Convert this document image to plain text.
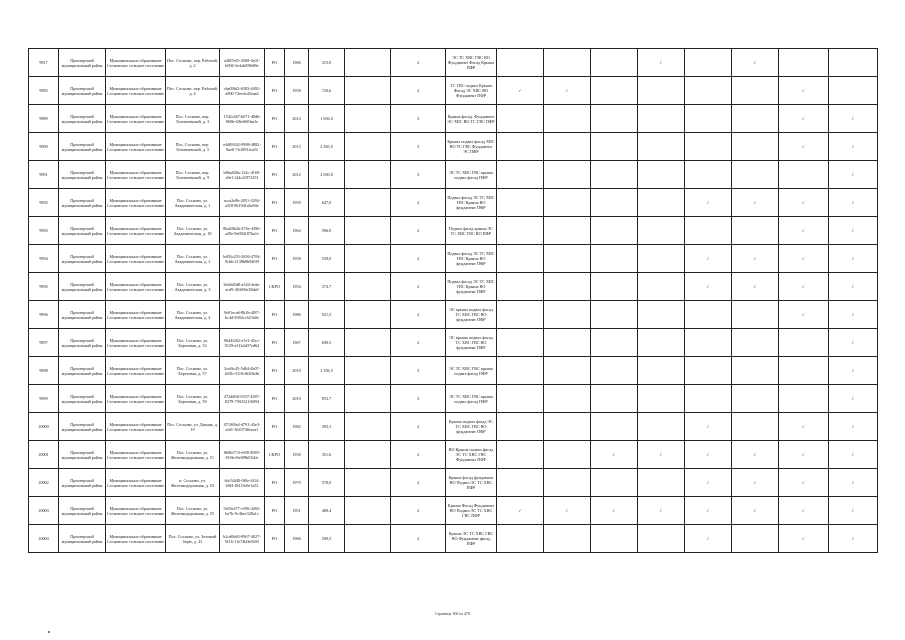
9917	Приозерский муниципальный район	Муниципальное образование Сосновское сельское поселение	Пос. Сосново, пер. Рабочий, д. 2	a4f87e65-4368-4c01-b004-3e4a6f98b89e	РО	1966	315,0		2	ЭС ТС ХВС ГВС ВО Фундамент Фасад Крыша ПФР				✓		✓		
9983	Приозерский муниципальный район	Муниципальное образование Сосновское сельское поселение	Пос. Сосново, пер. Рабочий, д. 4	cba09bf2-6383-4492-a900-72ee4cd3eaa4	РО	1958	720,6		2	ТС ГВС подвал Крыша Фасад ЭС ХВС ВО Фундамент ПФР	✓	✓					✓	
9989	Приозерский муниципальный район	Муниципальное образование Сосновское сельское поселение	Пос. Сосново, пер. Толмачевский, д. 3	17d2c467-b071-48db-860b-f26e60f0aa3c	РО	2014	1 656,0		3	Крыша фасад. Фундамент ЭС ХВС ВО ТС ГВС ПФР							✓	✓
9990	Приозерский муниципальный район	Муниципальное образование Сосновское сельское поселение	Пос. Сосново, пер. Толмачевский, д. 5	e4d09442-0998-4882-8ae6-7fc0f914ca5f	РО	2013	2 565,0		3	Крыша подвал фасад ХВС ВО ТС ГВС Фундамент ЭС ПФР							✓	✓
9991	Приозерский муниципальный район	Муниципальное образование Сосновское сельское поселение	Пос. Сосново, пер. Толмачевский, д. 9	b8ba828a-124c-4169-a9e1-f44c2f972253	РО	2012	2 650,0		3	ЭС ТС ХВС ГВС крыша подвал фасад ПФР								✓
9992	Приозерский муниципальный район	Муниципальное образование Сосновское сельское поселение	Пос. Сосново, ул. Академическая, д. 1	acca2e9b-2051-4294-a5f8-0619d1a6a94e	РО	1959	647,0		2	Подвал фасад ЭС ТС ХВС ГВС Крыша ВО фундамент ПФР					✓	✓	✓	✓
9993	Приозерский муниципальный район	Муниципальное образование Сосновское сельское поселение	Пос. Сосново, ул. Академическая, д. 18	8bd28b2b-476e-4396-a29e-9e084187ba1e	РО	1964	596,0		2	Подвал фасад крыша ЭС ТС ХВС ГВС ВО ПФР							✓	✓
9994	Приозерский муниципальный район	Муниципальное образование Сосновское сельское поселение	Пос. Сосново, ул. Академическая, д. 2	bd93c253-2656-4704-9cbb-2138b8b940f9	РО	1958	539,0		2	Подвал фасад ЭС ТС ХВС ГВС Крыша ВО фундамент ПФР					✓	✓	✓	✓
9995	Приозерский муниципальный район	Муниципальное образование Сосновское сельское поселение	Пос. Сосново, ул. Академическая, д. 3	6e64d5d8-a544-4eda-acd9-463f60e38da0	СКРО	1954	374,7		2	Подвал фасад ЭС ТС ХВС ГВС Крыша ВО фундамент ПФР					✓	✓	✓	✓
9996	Приозерский муниципальный район	Муниципальное образование Сосновское сельское поселение	Пос. Сосново, ул. Академическая, д. 4	9e01eca6-8b2b-4f87-bc4d-8302cc621b0e	РО	1986	921,5		2	ЭС крыша подвал фасад ТС ХВС ГВС ВО фундамент ПФР							✓	✓
9997	Приозерский муниципальный район	Муниципальное образование Сосновское сельское поселение	Пос. Сосново, ул. Береговая, д. 33	9644f262-a7e3-45cc-9129-a31b2d37ed62	РО	1967	690,5		2	ЭС крыша подвал фасад ТС ХВС ГВС ВО фундамент ПФР								✓
9998	Приозерский муниципальный район	Муниципальное образование Сосновское сельское поселение	Пос. Сосново, ул. Береговая, д. 37	3ca9fc45-5d64-4b07-b02b-3110c8f20b4b	РО	2010	2 356,5		3	ЭС ТС ХВС ГВС крыша подвал фасад ПФР								✓
9999	Приозерский муниципальный район	Муниципальное образование Сосновское сельское поселение	Пос. Сосново, ул. Береговая, д. 39	472dd0ff-0337-4387-8279-7592321f6094	РО	2010	853,7		3	ЭС ТС ХВС ГВС крыша подвал фасад ПФР								✓
10000	Приозерский муниципальный район	Муниципальное образование Сосновское сельское поселение	Пос. Сосново, ул. Дачная, д. 19	0710f8a4-d791-43e3-afd1-3643740eaca1	РО	1982	393,3		2	Крыша подвал фасад ЭС ТС ХВС ГВС ВО фундамент ПФР					✓		✓	✓
10001	Приозерский муниципальный район	Муниципальное образование Сосновское сельское поселение	Пос. Сосново, ул. Железнодорожная, д. 51	8b0bf713-e9f8-4939-810b-f6e0f9b01b0c	СКРО	1930	351,6		2	ВО Крыша подвал фасад ЭС ТС ХВС ГВС Фундамент ПФР			✓	✓	✓	✓	✓	✓
10002	Приозерский муниципальный район	Муниципальное образование Сосновское сельское поселение	п. Сосново, ул. Железнодорожная, д. 53	6dc54f40-0f0e-4f14-b9f4-f9415e0e1a53	РО	1970	578,0		2	Крыша фасад фундамент ВО Подвал ЭС ТС ХВС ПФР					✓	✓	✓	✓
10003	Приозерский муниципальный район	Муниципальное образование Сосновское сельское поселение	Пос. Сосново, ул. Железнодорожная, д. 55	5e93e477-e596-4492-ba7b-9c4bec328a1c	РО	1951	488,4		2	Крыша Фасад Фундамент ВО Подвал ЭС ТС ХВС ГВС ПФР	✓	✓	✓	✓	✓	✓	✓	✓
10004	Приозерский муниципальный район	Муниципальное образование Сосновское сельское поселение	Пос. Сосново, ул. Зеленый берег, д. 23	b2cd6b65-0967-4027-9f16-11e74b0a5603	РО	1966	509,5		2	Крыша ЭС ТС ХВС ГВС ВО Фундамент фасад ПФР					✓		✓	✓
Страница 306 из 470
